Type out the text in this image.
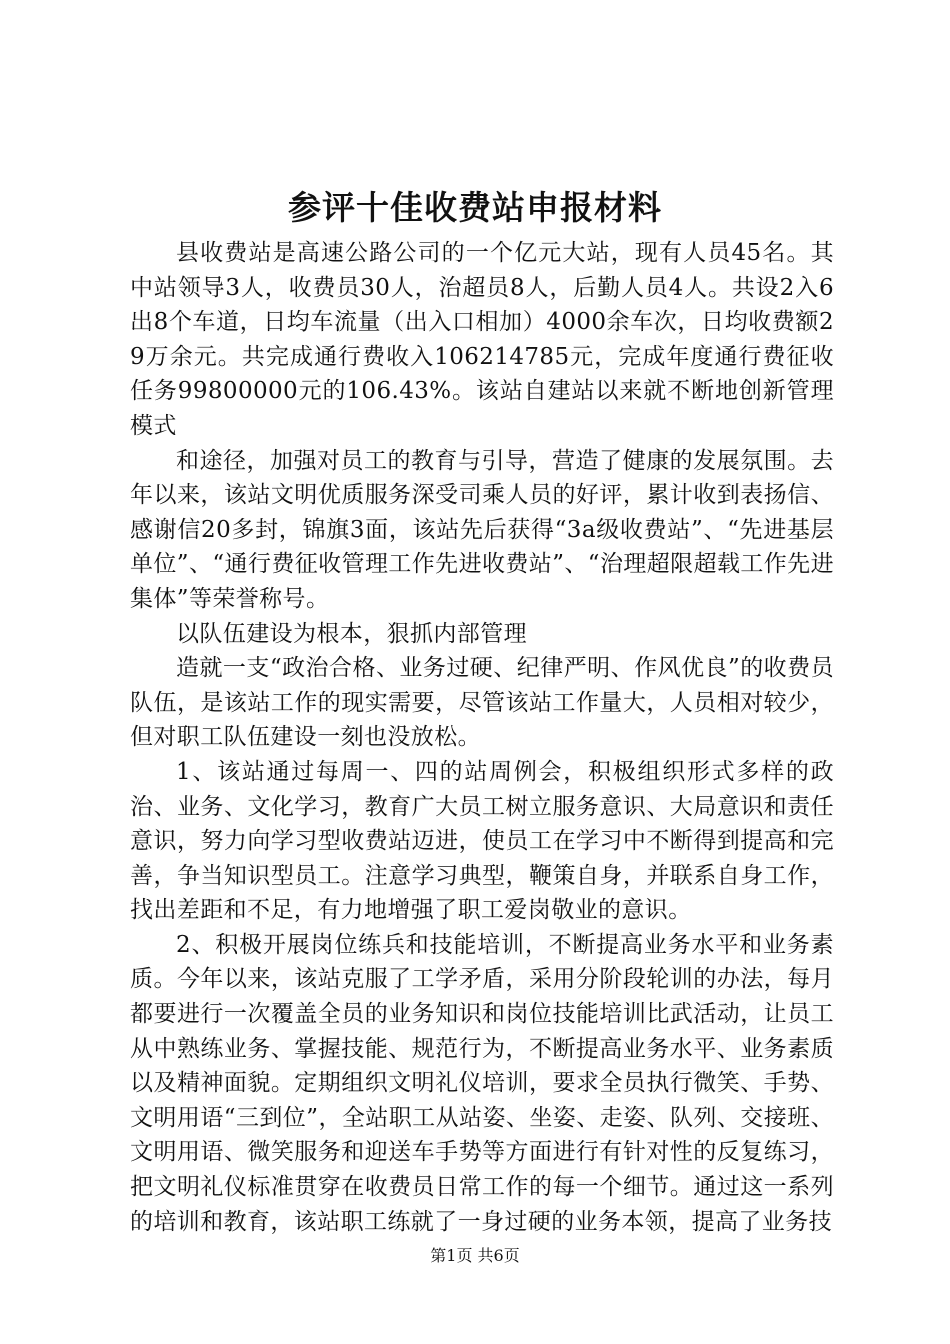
参评十佳收费站申报材料

县收费站是高速公路公司的一个亿元大站，现有人员45名。其中站领导3人，收费员30人，治超员8人，后勤人员4人。共设2入6出8个车道，日均车流量（出入口相加）4000余车次，日均收费额29万余元。共完成通行费收入106214785元，完成年度通行费征收任务99800000元的106.43%。该站自建站以来就不断地创新管理模式

和途径，加强对员工的教育与引导，营造了健康的发展氛围。去年以来，该站文明优质服务深受司乘人员的好评，累计收到表扬信、感谢信20多封，锦旗3面，该站先后获得“3a级收费站”、“先进基层单位”、“通行费征收管理工作先进收费站”、“治理超限超载工作先进集体”等荣誉称号。

以队伍建设为根本，狠抓内部管理

造就一支“政治合格、业务过硬、纪律严明、作风优良”的收费员队伍，是该站工作的现实需要，尽管该站工作量大，人员相对较少，但对职工队伍建设一刻也没放松。

1、该站通过每周一、四的站周例会，积极组织形式多样的政治、业务、文化学习，教育广大员工树立服务意识、大局意识和责任意识，努力向学习型收费站迈进，使员工在学习中不断得到提高和完善，争当知识型员工。注意学习典型，鞭策自身，并联系自身工作，找出差距和不足，有力地增强了职工爱岗敬业的意识。

2、积极开展岗位练兵和技能培训，不断提高业务水平和业务素质。今年以来，该站克服了工学矛盾，采用分阶段轮训的办法，每月都要进行一次覆盖全员的业务知识和岗位技能培训比武活动，让员工从中熟练业务、掌握技能、规范行为，不断提高业务水平、业务素质以及精神面貌。定期组织文明礼仪培训，要求全员执行微笑、手势、文明用语“三到位”，全站职工从站姿、坐姿、走姿、队列、交接班、文明用语、微笑服务和迎送车手势等方面进行有针对性的反复练习，把文明礼仪标准贯穿在收费员日常工作的每一个细节。通过这一系列的培训和教育，该站职工练就了一身过硬的业务本领，提高了业务技

第1页 共6页
